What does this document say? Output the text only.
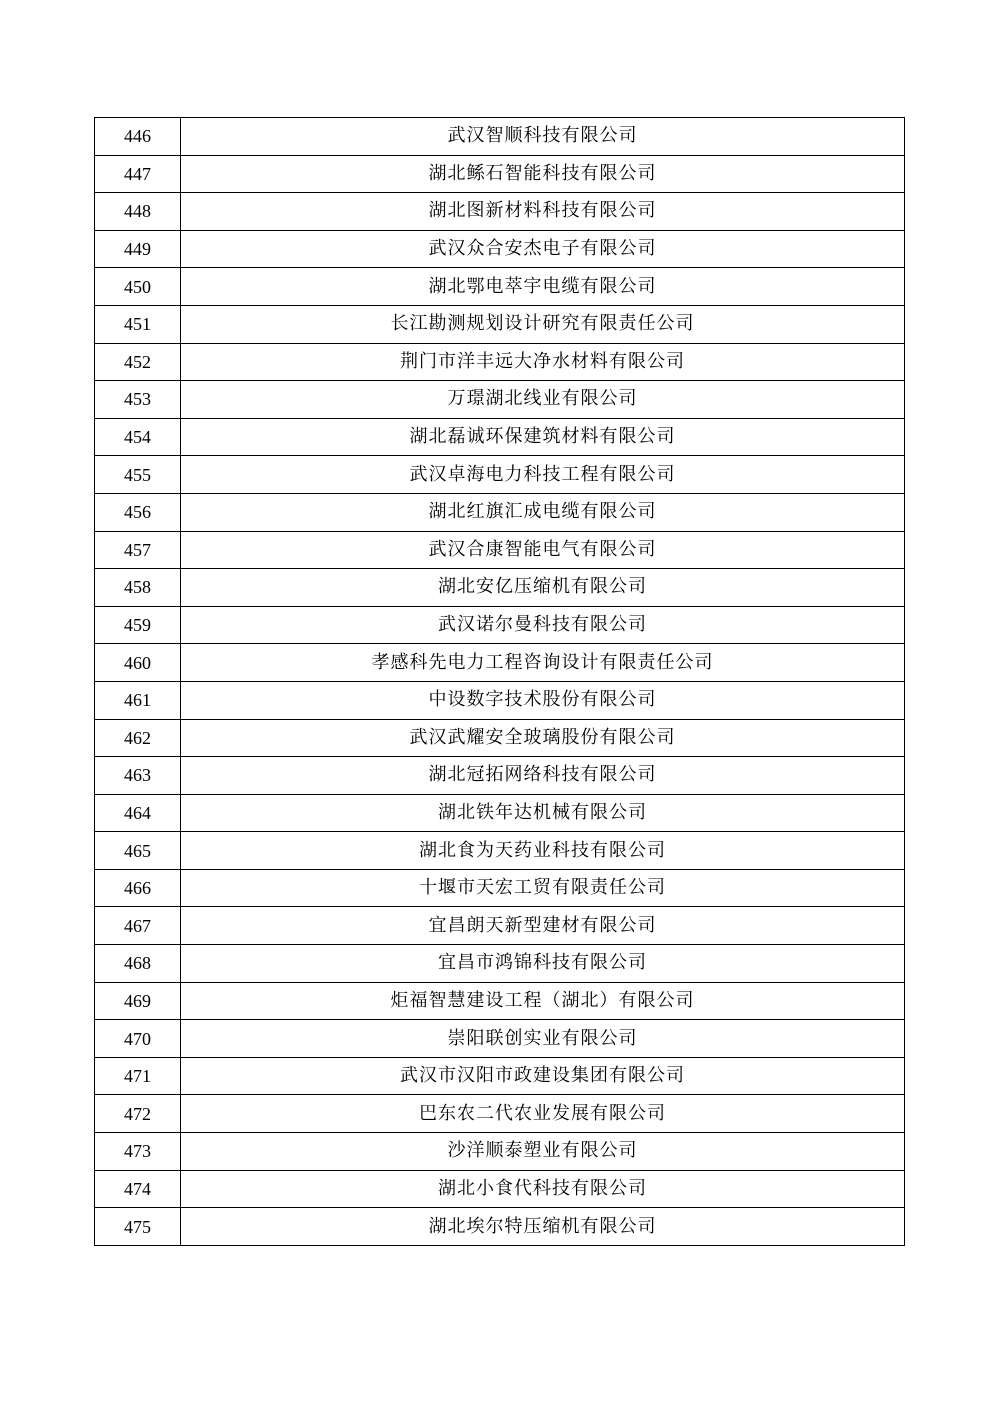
446	武汉智顺科技有限公司
447	湖北鲧石智能科技有限公司
448	湖北图新材料科技有限公司
449	武汉众合安杰电子有限公司
450	湖北鄂电萃宇电缆有限公司
451	长江勘测规划设计研究有限责任公司
452	荆门市洋丰远大净水材料有限公司
453	万璟湖北线业有限公司
454	湖北磊诚环保建筑材料有限公司
455	武汉卓海电力科技工程有限公司
456	湖北红旗汇成电缆有限公司
457	武汉合康智能电气有限公司
458	湖北安亿压缩机有限公司
459	武汉诺尔曼科技有限公司
460	孝感科先电力工程咨询设计有限责任公司
461	中设数字技术股份有限公司
462	武汉武耀安全玻璃股份有限公司
463	湖北冠拓网络科技有限公司
464	湖北铁年达机械有限公司
465	湖北食为天药业科技有限公司
466	十堰市天宏工贸有限责任公司
467	宜昌朗天新型建材有限公司
468	宜昌市鸿锦科技有限公司
469	炬福智慧建设工程（湖北）有限公司
470	崇阳联创实业有限公司
471	武汉市汉阳市政建设集团有限公司
472	巴东农二代农业发展有限公司
473	沙洋顺泰塑业有限公司
474	湖北小食代科技有限公司
475	湖北埃尔特压缩机有限公司
